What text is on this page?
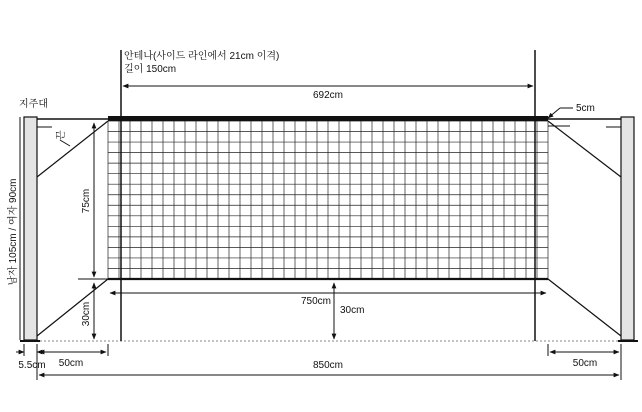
안테나(사이드 라인에서 21cm 이격)
길이 150cm
지주대
끈
남자 105cm / 여자 90cm
692cm
5cm
75cm
30cm
750cm
30cm
5.5cm 50cm	850cm	50cm
